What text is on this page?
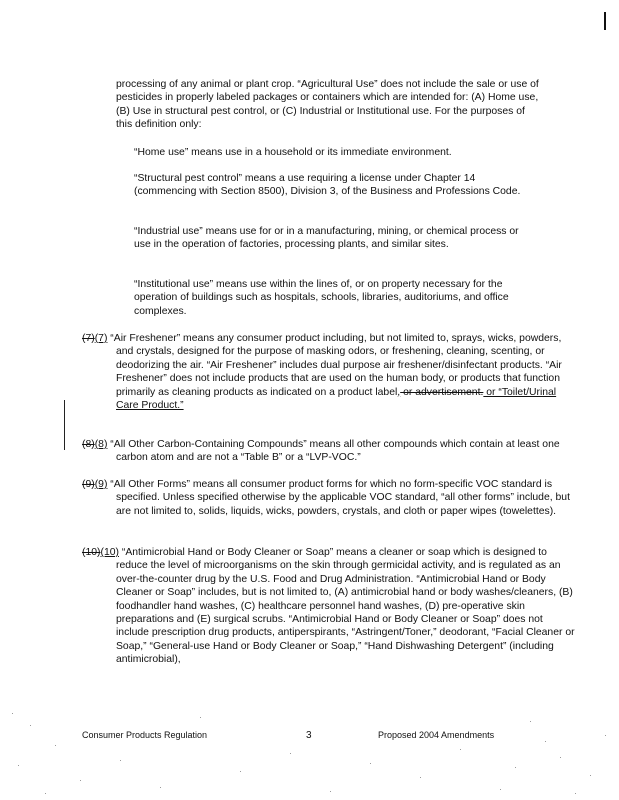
processing of any animal or plant crop. “Agricultural Use” does not include the sale or use of pesticides in properly labeled packages or containers which are intended for: (A) Home use, (B) Use in structural pest control, or (C) Industrial or Institutional use. For the purposes of this definition only:

“Home use” means use in a household or its immediate environment.

“Structural pest control” means a use requiring a license under Chapter 14 (commencing with Section 8500), Division 3, of the Business and Professions Code.

“Industrial use” means use for or in a manufacturing, mining, or chemical process or use in the operation of factories, processing plants, and similar sites.

“Institutional use” means use within the lines of, or on property necessary for the operation of buildings such as hospitals, schools, libraries, auditoriums, and office complexes.

(7)(7) “Air Freshener” means any consumer product including, but not limited to, sprays, wicks, powders, and crystals, designed for the purpose of masking odors, or freshening, cleaning, scenting, or deodorizing the air. “Air Freshener” includes dual purpose air freshener/disinfectant products. “Air Freshener” does not include products that are used on the human body, or products that function primarily as cleaning products as indicated on a product label, or advertisement. or “Toilet/Urinal Care Product.”

(8)(8) “All Other Carbon-Containing Compounds” means all other compounds which contain at least one carbon atom and are not a “Table B” or a “LVP-VOC.”

(9)(9) “All Other Forms” means all consumer product forms for which no form-specific VOC standard is specified. Unless specified otherwise by the applicable VOC standard, “all other forms” include, but are not limited to, solids, liquids, wicks, powders, crystals, and cloth or paper wipes (towelettes).

(10)(10) “Antimicrobial Hand or Body Cleaner or Soap” means a cleaner or soap which is designed to reduce the level of microorganisms on the skin through germicidal activity, and is regulated as an over-the-counter drug by the U.S. Food and Drug Administration. “Antimicrobial Hand or Body Cleaner or Soap” includes, but is not limited to, (A) antimicrobial hand or body washes/cleaners, (B) foodhandler hand washes, (C) healthcare personnel hand washes, (D) pre-operative skin preparations and (E) surgical scrubs. “Antimicrobial Hand or Body Cleaner or Soap” does not include prescription drug products, antiperspirants, “Astringent/Toner,” deodorant, “Facial Cleaner or Soap,” “General-use Hand or Body Cleaner or Soap,” “Hand Dishwashing Detergent” (including antimicrobial),

Consumer Products Regulation	3	Proposed 2004 Amendments
